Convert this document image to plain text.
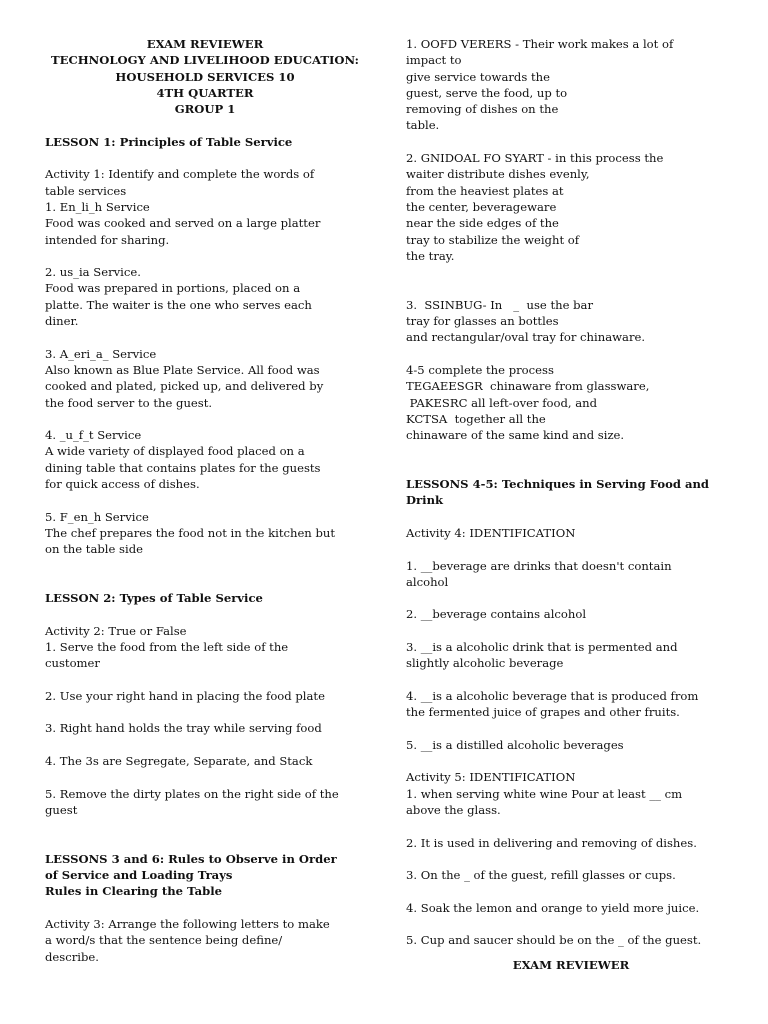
EXAM REVIEWER
TECHNOLOGY AND LIVELIHOOD EDUCATION:
HOUSEHOLD SERVICES 10
4TH QUARTER
GROUP 1
LESSON 1: Principles of Table Service
Activity 1: Identify and complete the words of
table services
1. En_li_h Service
Food was cooked and served on a large platter
intended for sharing.
2. us_ia Service.
Food was prepared in portions, placed on a
platte. The waiter is the one who serves each
diner.
3. A_eri_a_ Service
Also known as Blue Plate Service. All food was
cooked and plated, picked up, and delivered by
the food server to the guest.
4. _u_f_t Service
A wide variety of displayed food placed on a
dining table that contains plates for the guests
for quick access of dishes.
5. F_en_h Service
The chef prepares the food not in the kitchen but
on the table side
LESSON 2: Types of Table Service
Activity 2: True or False
1. Serve the food from the left side of the
customer
2. Use your right hand in placing the food plate
3. Right hand holds the tray while serving food
4. The 3s are Segregate, Separate, and Stack
5. Remove the dirty plates on the right side of the
guest
LESSONS 3 and 6: Rules to Observe in Order
of Service and Loading Trays
Rules in Clearing the Table
Activity 3: Arrange the following letters to make
a word/s that the sentence being define/
describe.
1. OOFD VERERS - Their work makes a lot of
impact to
give service towards the
guest, serve the food, up to
removing of dishes on the
table.
2. GNIDOAL FO SYART - in this process the
waiter distribute dishes evenly,
from the heaviest plates at
the center, beverageware
near the side edges of the
tray to stabilize the weight of
the tray.
3.  SSINBUG- In   _  use the bar
tray for glasses an bottles
and rectangular/oval tray for chinaware.
4-5 complete the process
TEGAEESGR  chinaware from glassware,
PAKESRC all left-over food, and
KCTSA  together all the
chinaware of the same kind and size.
LESSONS 4-5: Techniques in Serving Food and
Drink
Activity 4: IDENTIFICATION
1. __beverage are drinks that doesn't contain
alcohol
2. __beverage contains alcohol
3. __is a alcoholic drink that is permented and
slightly alcoholic beverage
4. __is a alcoholic beverage that is produced from
the fermented juice of grapes and other fruits.
5. __is a distilled alcoholic beverages
Activity 5: IDENTIFICATION
1. when serving white wine Pour at least __ cm
above the glass.
2. It is used in delivering and removing of dishes.
3. On the _ of the guest, refill glasses or cups.
4. Soak the lemon and orange to yield more juice.
5. Cup and saucer should be on the _ of the guest.
EXAM REVIEWER
